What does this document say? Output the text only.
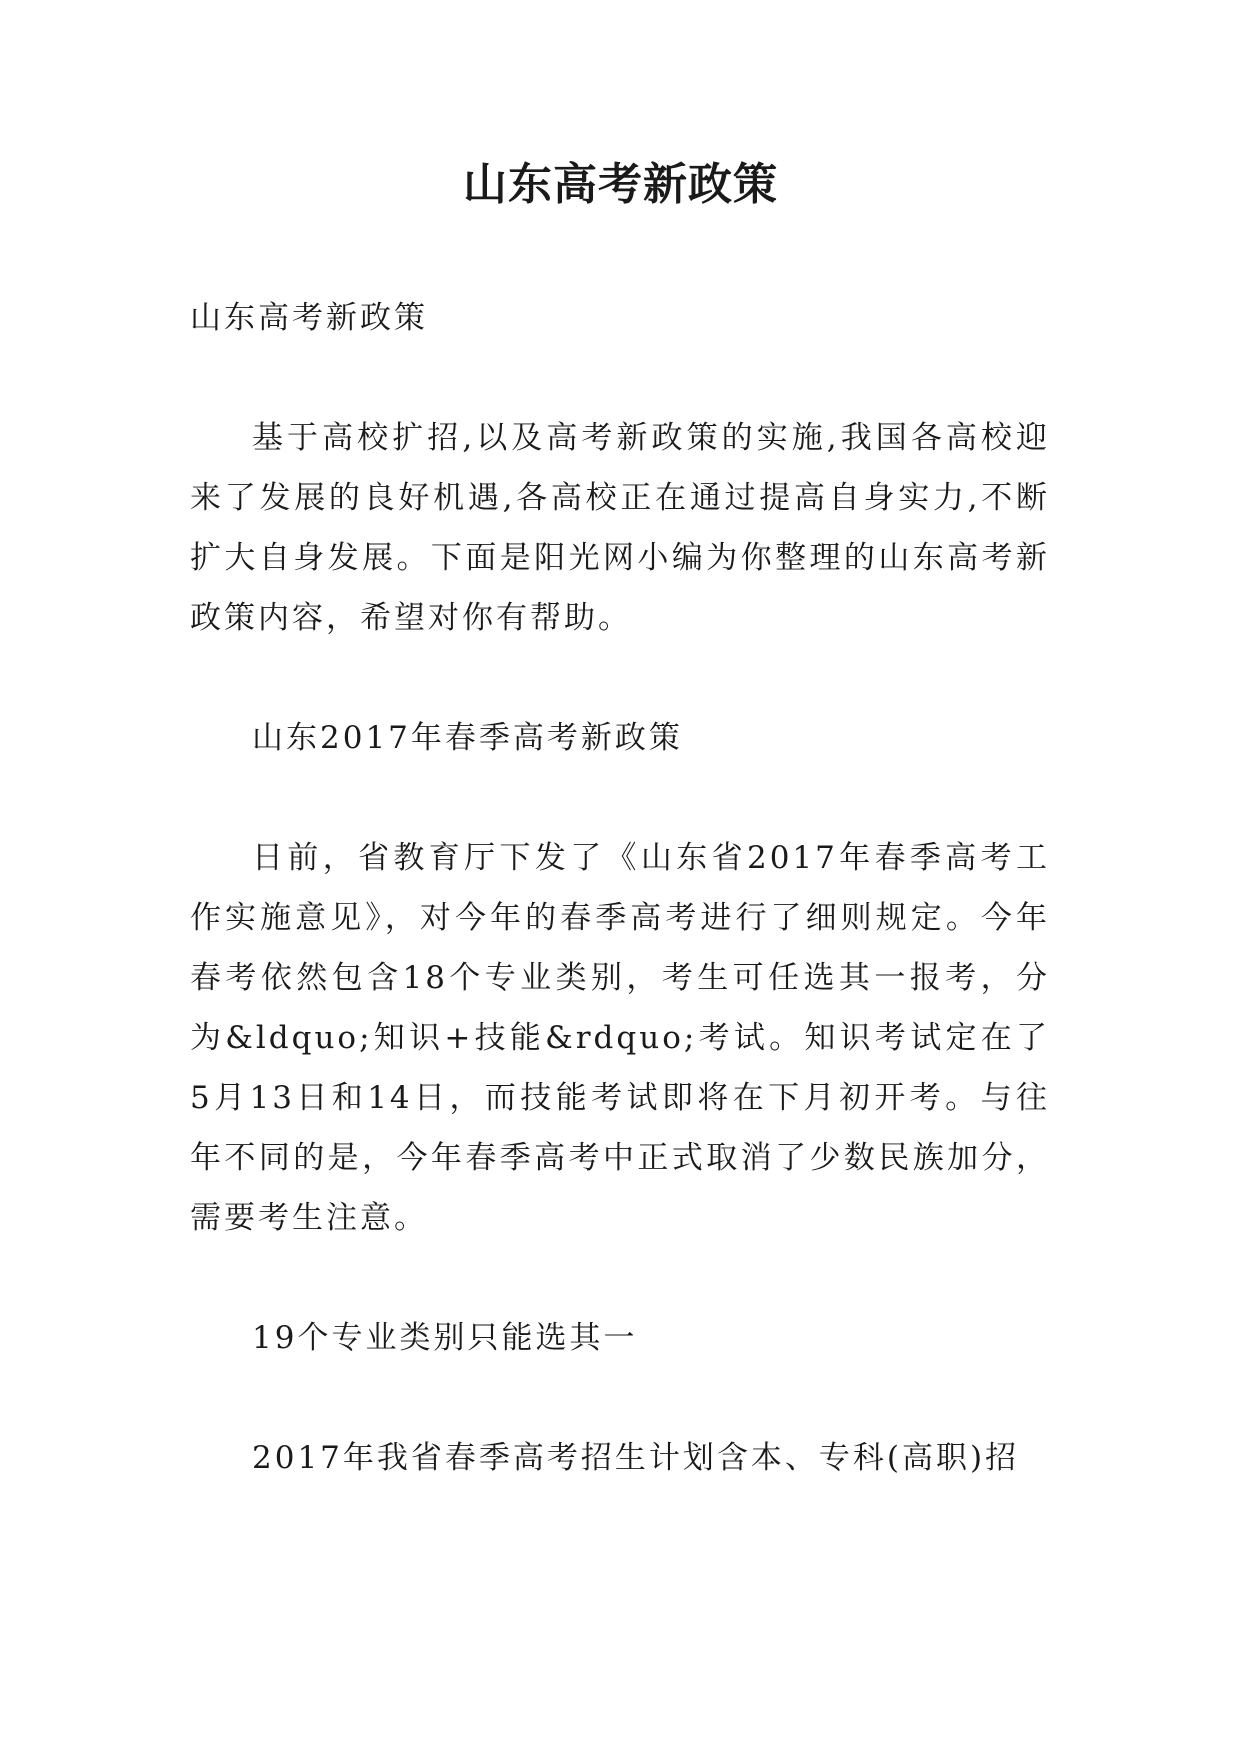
山东高考新政策

山东高考新政策

基于高校扩招,以及高考新政策的实施,我国各高校迎来了发展的良好机遇,各高校正在通过提高自身实力,不断扩大自身发展。下面是阳光网小编为你整理的山东高考新政策内容，希望对你有帮助。

山东2017年春季高考新政策

日前，省教育厅下发了《山东省2017年春季高考工作实施意见》，对今年的春季高考进行了细则规定。今年春考依然包含18个专业类别，考生可任选其一报考，分为&ldquo;知识+技能&rdquo;考试。知识考试定在了5月13日和14日，而技能考试即将在下月初开考。与往年不同的是，今年春季高考中正式取消了少数民族加分，需要考生注意。

19个专业类别只能选其一

2017年我省春季高考招生计划含本、专科(高职)招
